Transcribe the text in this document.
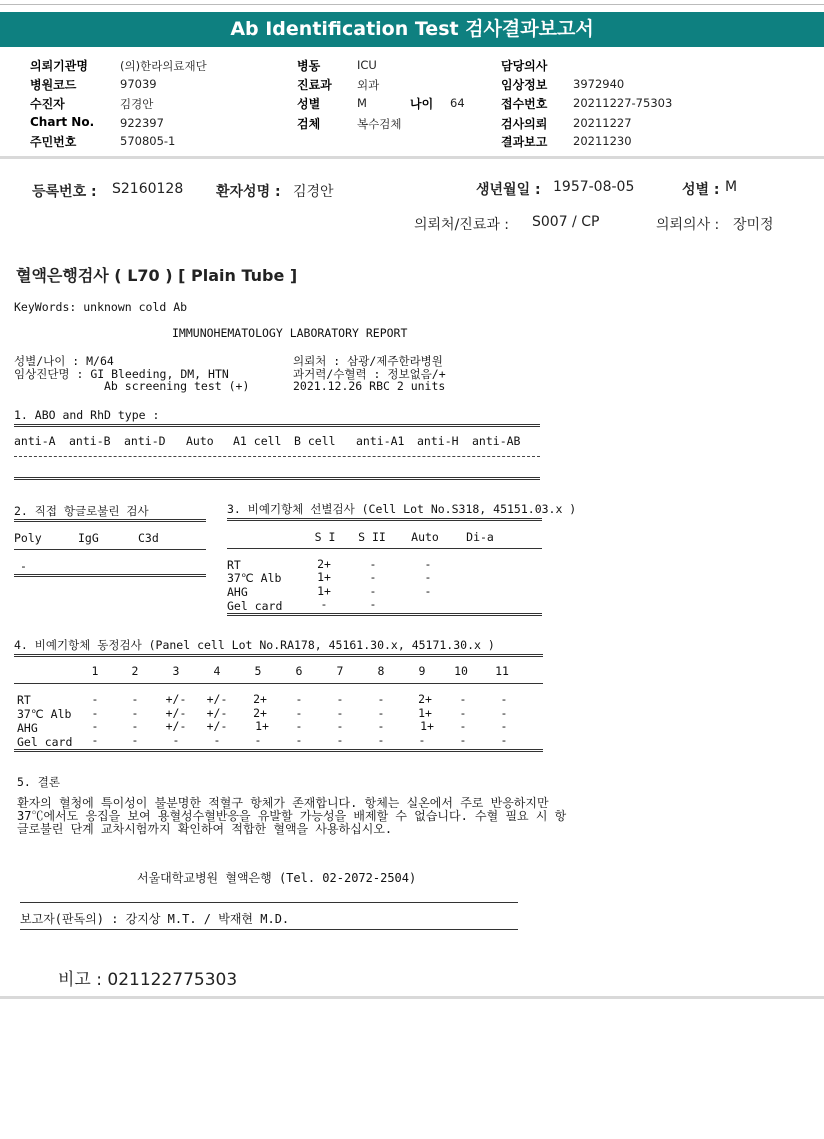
Ab Identification Test 검사결과보고서
의뢰기관명	(의)한라의료재단
병원코드	97039
수진자	김경안
Chart No. 922397
주민번호	570805-1
병동	ICU
진료과 외과
성별	M	나이 64
검체	복수검체
담당의사
임상정보 3972940
접수번호 20211227-75303
검사의뢰 20211227
결과보고 20211230
등록번호 : S2160128 환자성명 : 김경안	생년월일 : 1957-08-05	성별 : M
의뢰처/진료과 : S007 / CP	의뢰의사 : 장미정
혈액은행검사 ( L70 ) [ Plain Tube ]
KeyWords: unknown cold Ab
IMMUNOHEMATOLOGY LABORATORY REPORT
성별/나이 : M/64
임상진단명 : GI Bleeding, DM, HTN
Ab screening test (+)
의뢰처 : 삼광/제주한라병원
과거력/수혈력 : 정보없음/+
2021.12.26 RBC 2 units
1. ABO and RhD type :
anti-A anti-B anti-D Auto A1 cell B cell anti-A1 anti-H anti-AB
2. 직접 항글로불린 검사
Poly	IgG	C3d
-
3. 비예기항체 선별검사 (Cell Lot No.S318, 45151.03.x )
S I	S II Auto Di-a
RT	2+	-	-
37℃ Alb	1+	-	-
AHG	1+	-	-
Gel card	-	-
4. 비예기항체 동정검사 (Panel cell Lot No.RA178, 45161.30.x, 45171.30.x )
1	2	3	4	5	6	7	8	9	10	11
RT	-	-	+/-	+/-	2+	-	-	-	2+	-	-
37℃ Alb	-	-	+/-	+/-	2+	-	-	-	1+	-	-
AHG	-	-	+/-	+/-	1+	-	-	-	1+	-	-
Gel card	-	-	-	-	-	-	-	-	-	-	-
5. 결론
환자의 혈청에 특이성이 불분명한 적혈구 항체가 존재합니다. 항체는 실온에서 주로 반응하지만 37℃에서도 응집을 보여 용혈성수혈반응을 유발할 가능성을 배제할 수 없습니다. 수혈 필요 시 항글로불린 단계 교차시험까지 확인하여 적합한 혈액을 사용하십시오.
서울대학교병원 혈액은행 (Tel. 02-2072-2504)
보고자(판독의) : 강지상 M.T. / 박재현 M.D.
비고 : 021122775303
